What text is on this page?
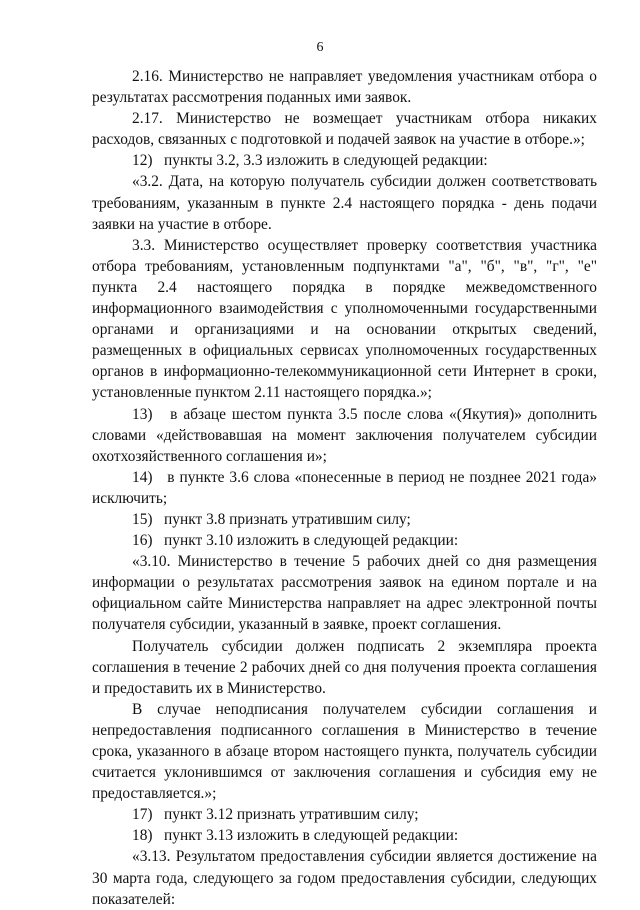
6

2.16. Министерство не направляет уведомления участникам отбора о результатах рассмотрения поданных ими заявок.

2.17. Министерство не возмещает участникам отбора никаких расходов, связанных с подготовкой и подачей заявок на участие в отборе.»;

12)   пункты 3.2, 3.3 изложить в следующей редакции:

«3.2. Дата, на которую получатель субсидии должен соответствовать требованиям, указанным в пункте 2.4 настоящего порядка - день подачи заявки на участие в отборе.

3.3. Министерство осуществляет проверку соответствия участника отбора требованиям, установленным подпунктами "а", "б", "в", "г", "е" пункта 2.4 настоящего порядка в порядке межведомственного информационного взаимодействия с уполномоченными государственными органами и организациями и на основании открытых сведений, размещенных в официальных сервисах уполномоченных государственных органов в информационно-телекоммуникационной сети Интернет в сроки, установленные пунктом 2.11 настоящего порядка.»;

13)   в абзаце шестом пункта 3.5 после слова «(Якутия)» дополнить словами «действовавшая на момент заключения получателем субсидии охотхозяйственного соглашения и»;

14)   в пункте 3.6 слова «понесенные в период не позднее 2021 года» исключить;

15)   пункт 3.8 признать утратившим силу;

16)   пункт 3.10 изложить в следующей редакции:

«3.10. Министерство в течение 5 рабочих дней со дня размещения информации о результатах рассмотрения заявок на едином портале и на официальном сайте Министерства направляет на адрес электронной почты получателя субсидии, указанный в заявке, проект соглашения.

Получатель субсидии должен подписать 2 экземпляра проекта соглашения в течение 2 рабочих дней со дня получения проекта соглашения и предоставить их в Министерство.

В случае неподписания получателем субсидии соглашения и непредоставления подписанного соглашения в Министерство в течение срока, указанного в абзаце втором настоящего пункта, получатель субсидии считается уклонившимся от заключения соглашения и субсидия ему не предоставляется.»;

17)   пункт 3.12 признать утратившим силу;

18)   пункт 3.13 изложить в следующей редакции:

«3.13. Результатом предоставления субсидии является достижение на 30 марта года, следующего за годом предоставления субсидии, следующих показателей:
